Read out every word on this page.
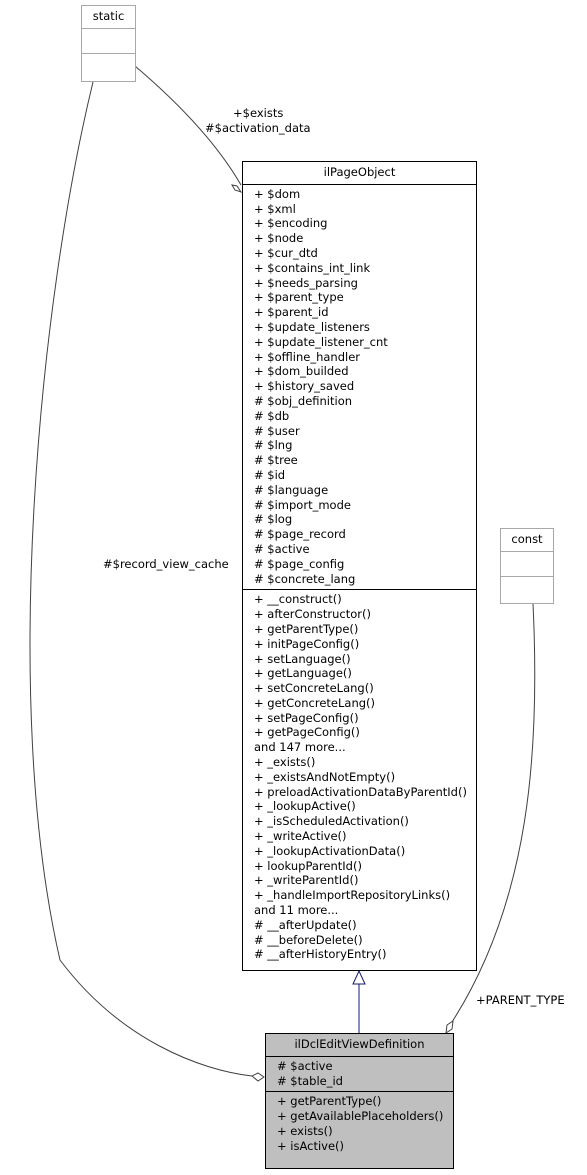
static
const
ilPageObject
+ $dom
+ $xml
+ $encoding
+ $node
+ $cur_dtd
+ $contains_int_link
+ $needs_parsing
+ $parent_type
+ $parent_id
+ $update_listeners
+ $update_listener_cnt
+ $offline_handler
+ $dom_builded
+ $history_saved
# $obj_definition
# $db
# $user
# $lng
# $tree
# $id
# $language
# $import_mode
# $log
# $page_record
# $active
# $page_config
# $concrete_lang
+ __construct()
+ afterConstructor()
+ getParentType()
+ initPageConfig()
+ setLanguage()
+ getLanguage()
+ setConcreteLang()
+ getConcreteLang()
+ setPageConfig()
+ getPageConfig()
and 147 more...
+ _exists()
+ _existsAndNotEmpty()
+ preloadActivationDataByParentId()
+ _lookupActive()
+ _isScheduledActivation()
+ _writeActive()
+ _lookupActivationData()
+ lookupParentId()
+ _writeParentId()
+ _handleImportRepositoryLinks()
and 11 more...
# __afterUpdate()
# __beforeDelete()
# __afterHistoryEntry()
ilDclEditViewDefinition
# $active
# $table_id
+ getParentType()
+ getAvailablePlaceholders()
+ exists()
+ isActive()
+$exists
#$activation_data
#$record_view_cache
+PARENT_TYPE
